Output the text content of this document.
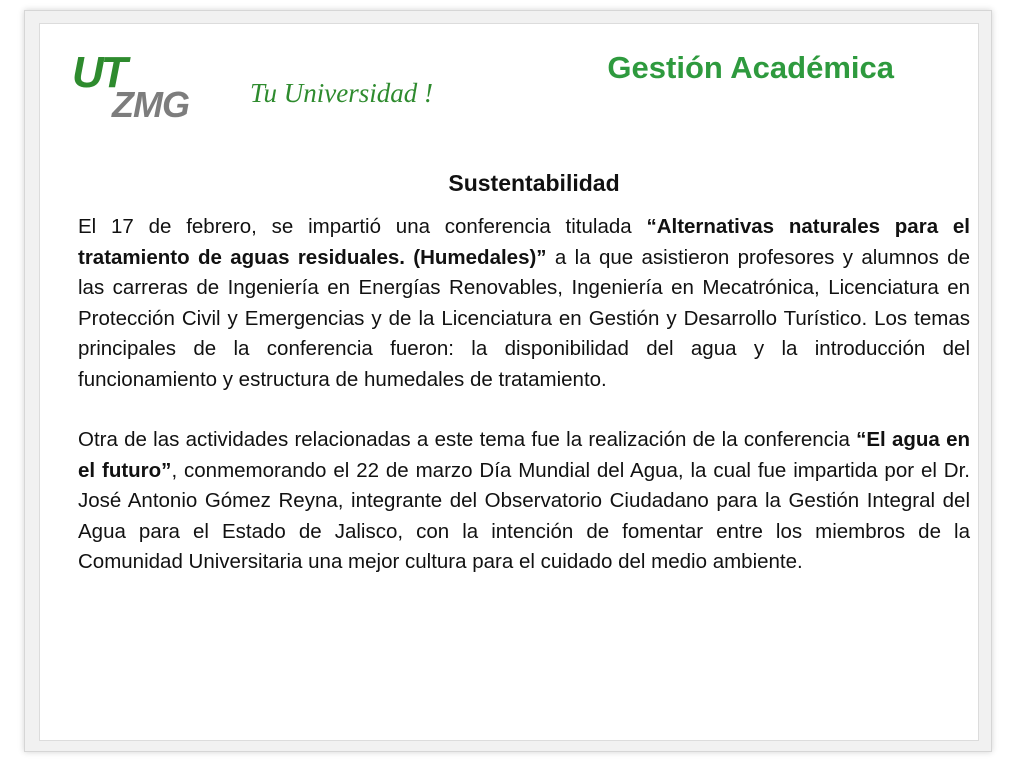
UT
ZMG Tu Universidad !
Gestión Académica
Sustentabilidad

El 17 de febrero, se impartió una conferencia titulada “Alternativas naturales para el tratamiento de aguas residuales. (Humedales)” a la que asistieron profesores y alumnos de las carreras de Ingeniería en Energías Renovables, Ingeniería en Mecatrónica, Licenciatura en Protección Civil y Emergencias y de la Licenciatura en Gestión y Desarrollo Turístico. Los temas principales de la conferencia fueron: la disponibilidad del agua y la introducción del funcionamiento y estructura de humedales de tratamiento.

Otra de las actividades relacionadas a este tema fue la realización de la conferencia “El agua en el futuro”, conmemorando el 22 de marzo Día Mundial del Agua, la cual fue impartida por el Dr. José Antonio Gómez Reyna, integrante del Observatorio Ciudadano para la Gestión Integral del Agua para el Estado de Jalisco, con la intención de fomentar entre los miembros de la Comunidad Universitaria una mejor cultura para el cuidado del medio ambiente.
